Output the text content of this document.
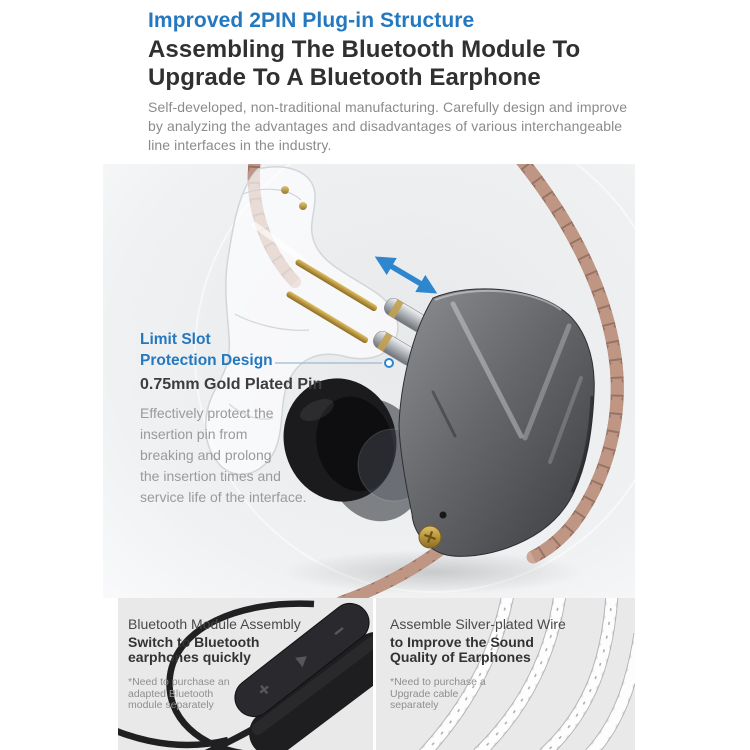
Improved 2PIN Plug-in Structure
Assembling The Bluetooth Module To
Upgrade To A Bluetooth Earphone
Self-developed, non-traditional manufacturing. Carefully design and improve
by analyzing the advantages and disadvantages of various interchangeable
line interfaces in the industry.
Limit Slot
Protection Design
0.75mm Gold Plated Pin
Effectively protect the
insertion pin from
breaking and prolong
the insertion times and
service life of the interface.
Bluetooth Module Assembly
Switch to Bluetooth
earphones quickly
*Need to purchase an
adapted Bluetooth
module separately
Assemble Silver-plated Wire
to Improve the Sound
Quality of Earphones
*Need to purchase a
Upgrade cable
separately
